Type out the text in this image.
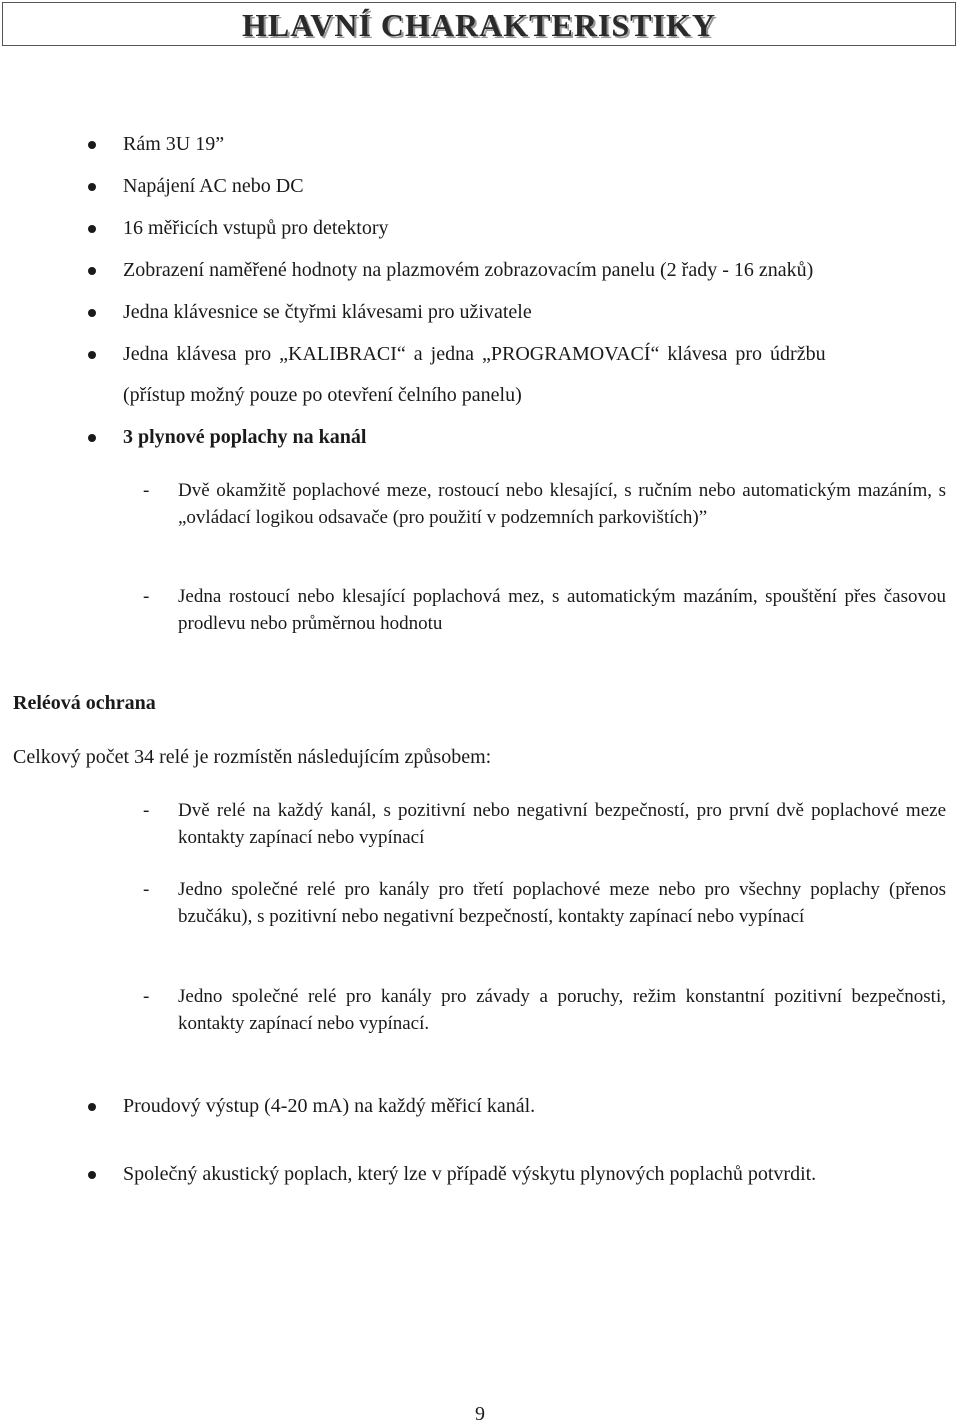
HLAVNÍ CHARAKTERISTIKY
Rám 3U 19”
Napájení AC nebo DC
16 měřicích vstupů pro detektory
Zobrazení naměřené hodnoty na plazmovém zobrazovacím panelu (2 řady - 16 znaků)
Jedna klávesnice se čtyřmi klávesami pro uživatele
Jedna klávesa pro „KALIBRACI“ a jedna „PROGRAMOVACÍ“ klávesa pro údržbu
(přístup možný pouze po otevření čelního panelu)
3 plynové poplachy na kanál
- Dvě okamžitě poplachové meze, rostoucí nebo klesající, s ručním nebo automatickým mazáním, s „ovládací logikou odsavače (pro použití v podzemních parkovištích)”
- Jedna rostoucí nebo klesající poplachová mez, s automatickým mazáním, spouštění přes časovou prodlevu nebo průměrnou hodnotu
Reléová ochrana
Celkový počet 34 relé je rozmístěn následujícím způsobem:
- Dvě relé na každý kanál, s pozitivní nebo negativní bezpečností, pro první dvě poplachové meze kontakty zapínací nebo vypínací
- Jedno společné relé pro kanály pro třetí poplachové meze nebo pro všechny poplachy (přenos bzučáku), s pozitivní nebo negativní bezpečností, kontakty zapínací nebo vypínací
- Jedno společné relé pro kanály pro závady a poruchy, režim konstantní pozitivní bezpečnosti, kontakty zapínací nebo vypínací.
Proudový výstup (4-20 mA) na každý měřicí kanál.
Společný akustický poplach, který lze v případě výskytu plynových poplachů potvrdit.
9
